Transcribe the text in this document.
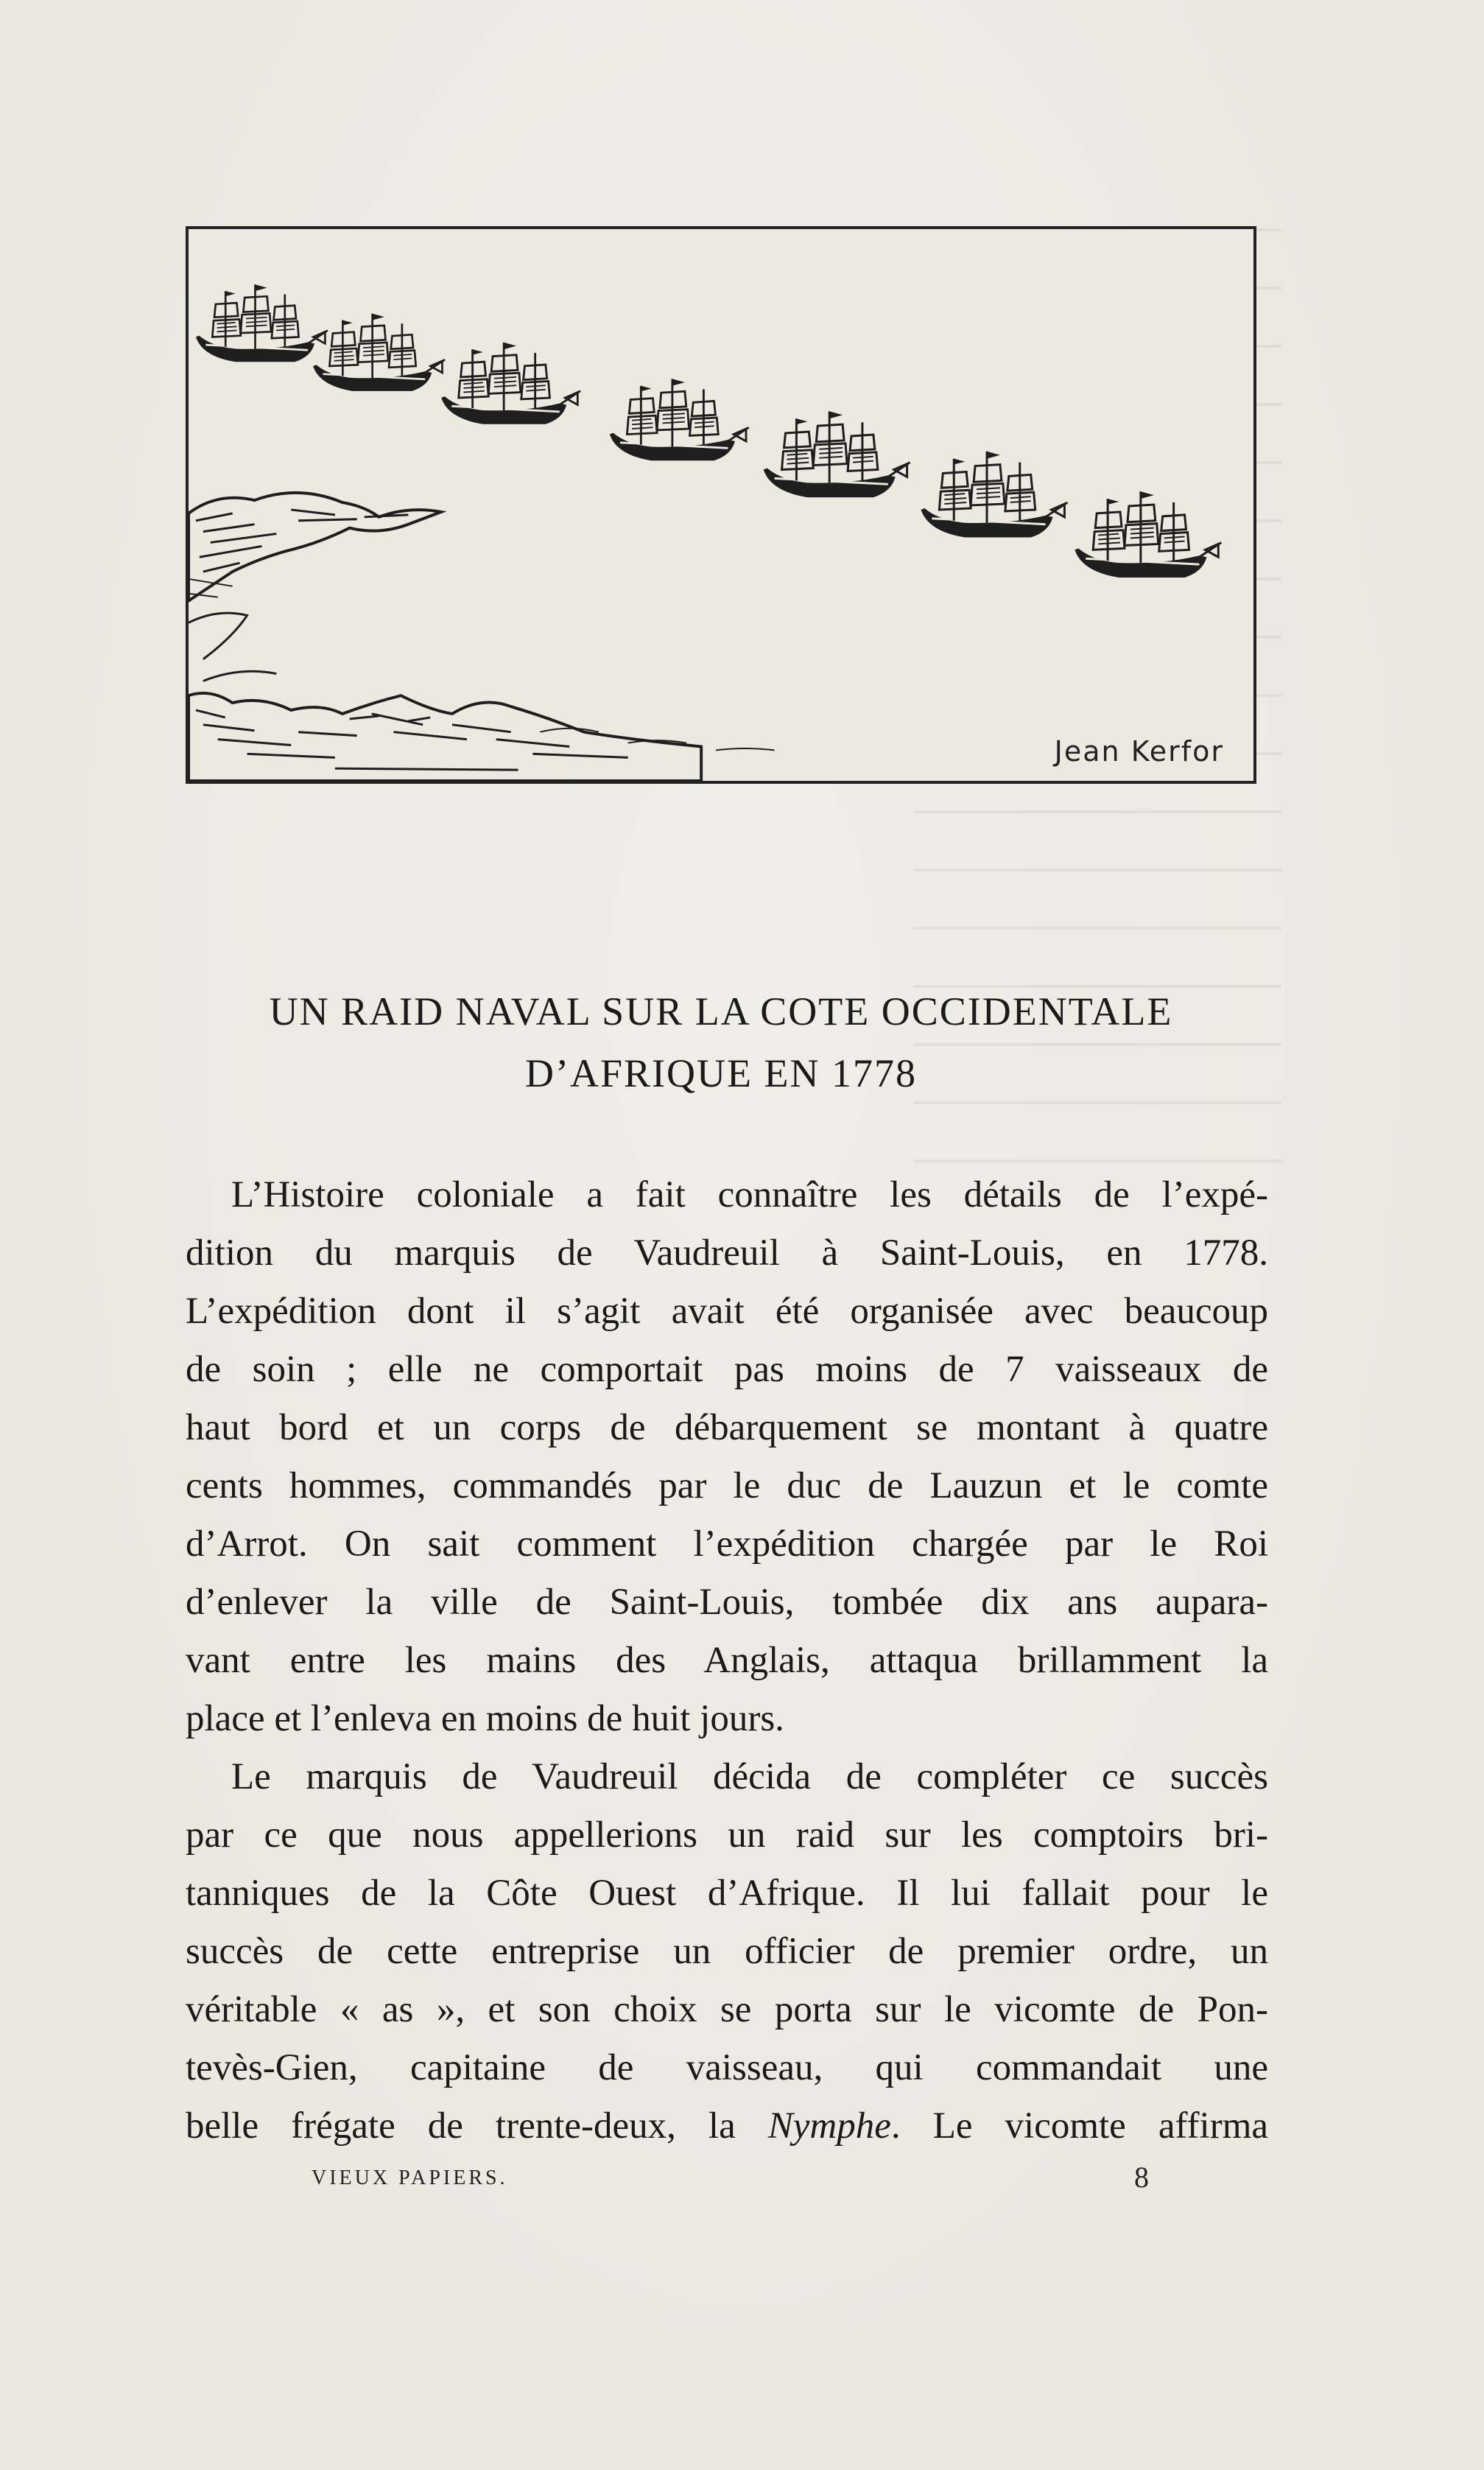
Jean Kerfor
UN RAID NAVAL SUR LA COTE OCCIDENTALE
D’AFRIQUE EN 1778
L’Histoire coloniale a fait connaître les détails de l’expé-
dition du marquis de Vaudreuil à Saint-Louis, en 1778.
L’expédition dont il s’agit avait été organisée avec beaucoup
de soin ; elle ne comportait pas moins de 7 vaisseaux de
haut bord et un corps de débarquement se montant à quatre
cents hommes, commandés par le duc de Lauzun et le comte
d’Arrot. On sait comment l’expédition chargée par le Roi
d’enlever la ville de Saint-Louis, tombée dix ans aupara-
vant entre les mains des Anglais, attaqua brillamment la
place et l’enleva en moins de huit jours.
Le marquis de Vaudreuil décida de compléter ce succès
par ce que nous appellerions un raid sur les comptoirs bri-
tanniques de la Côte Ouest d’Afrique. Il lui fallait pour le
succès de cette entreprise un officier de premier ordre, un
véritable « as », et son choix se porta sur le vicomte de Pon-
tevès-Gien, capitaine de vaisseau, qui commandait une
belle frégate de trente-deux, la Nymphe. Le vicomte affirma
VIEUX PAPIERS.	8
